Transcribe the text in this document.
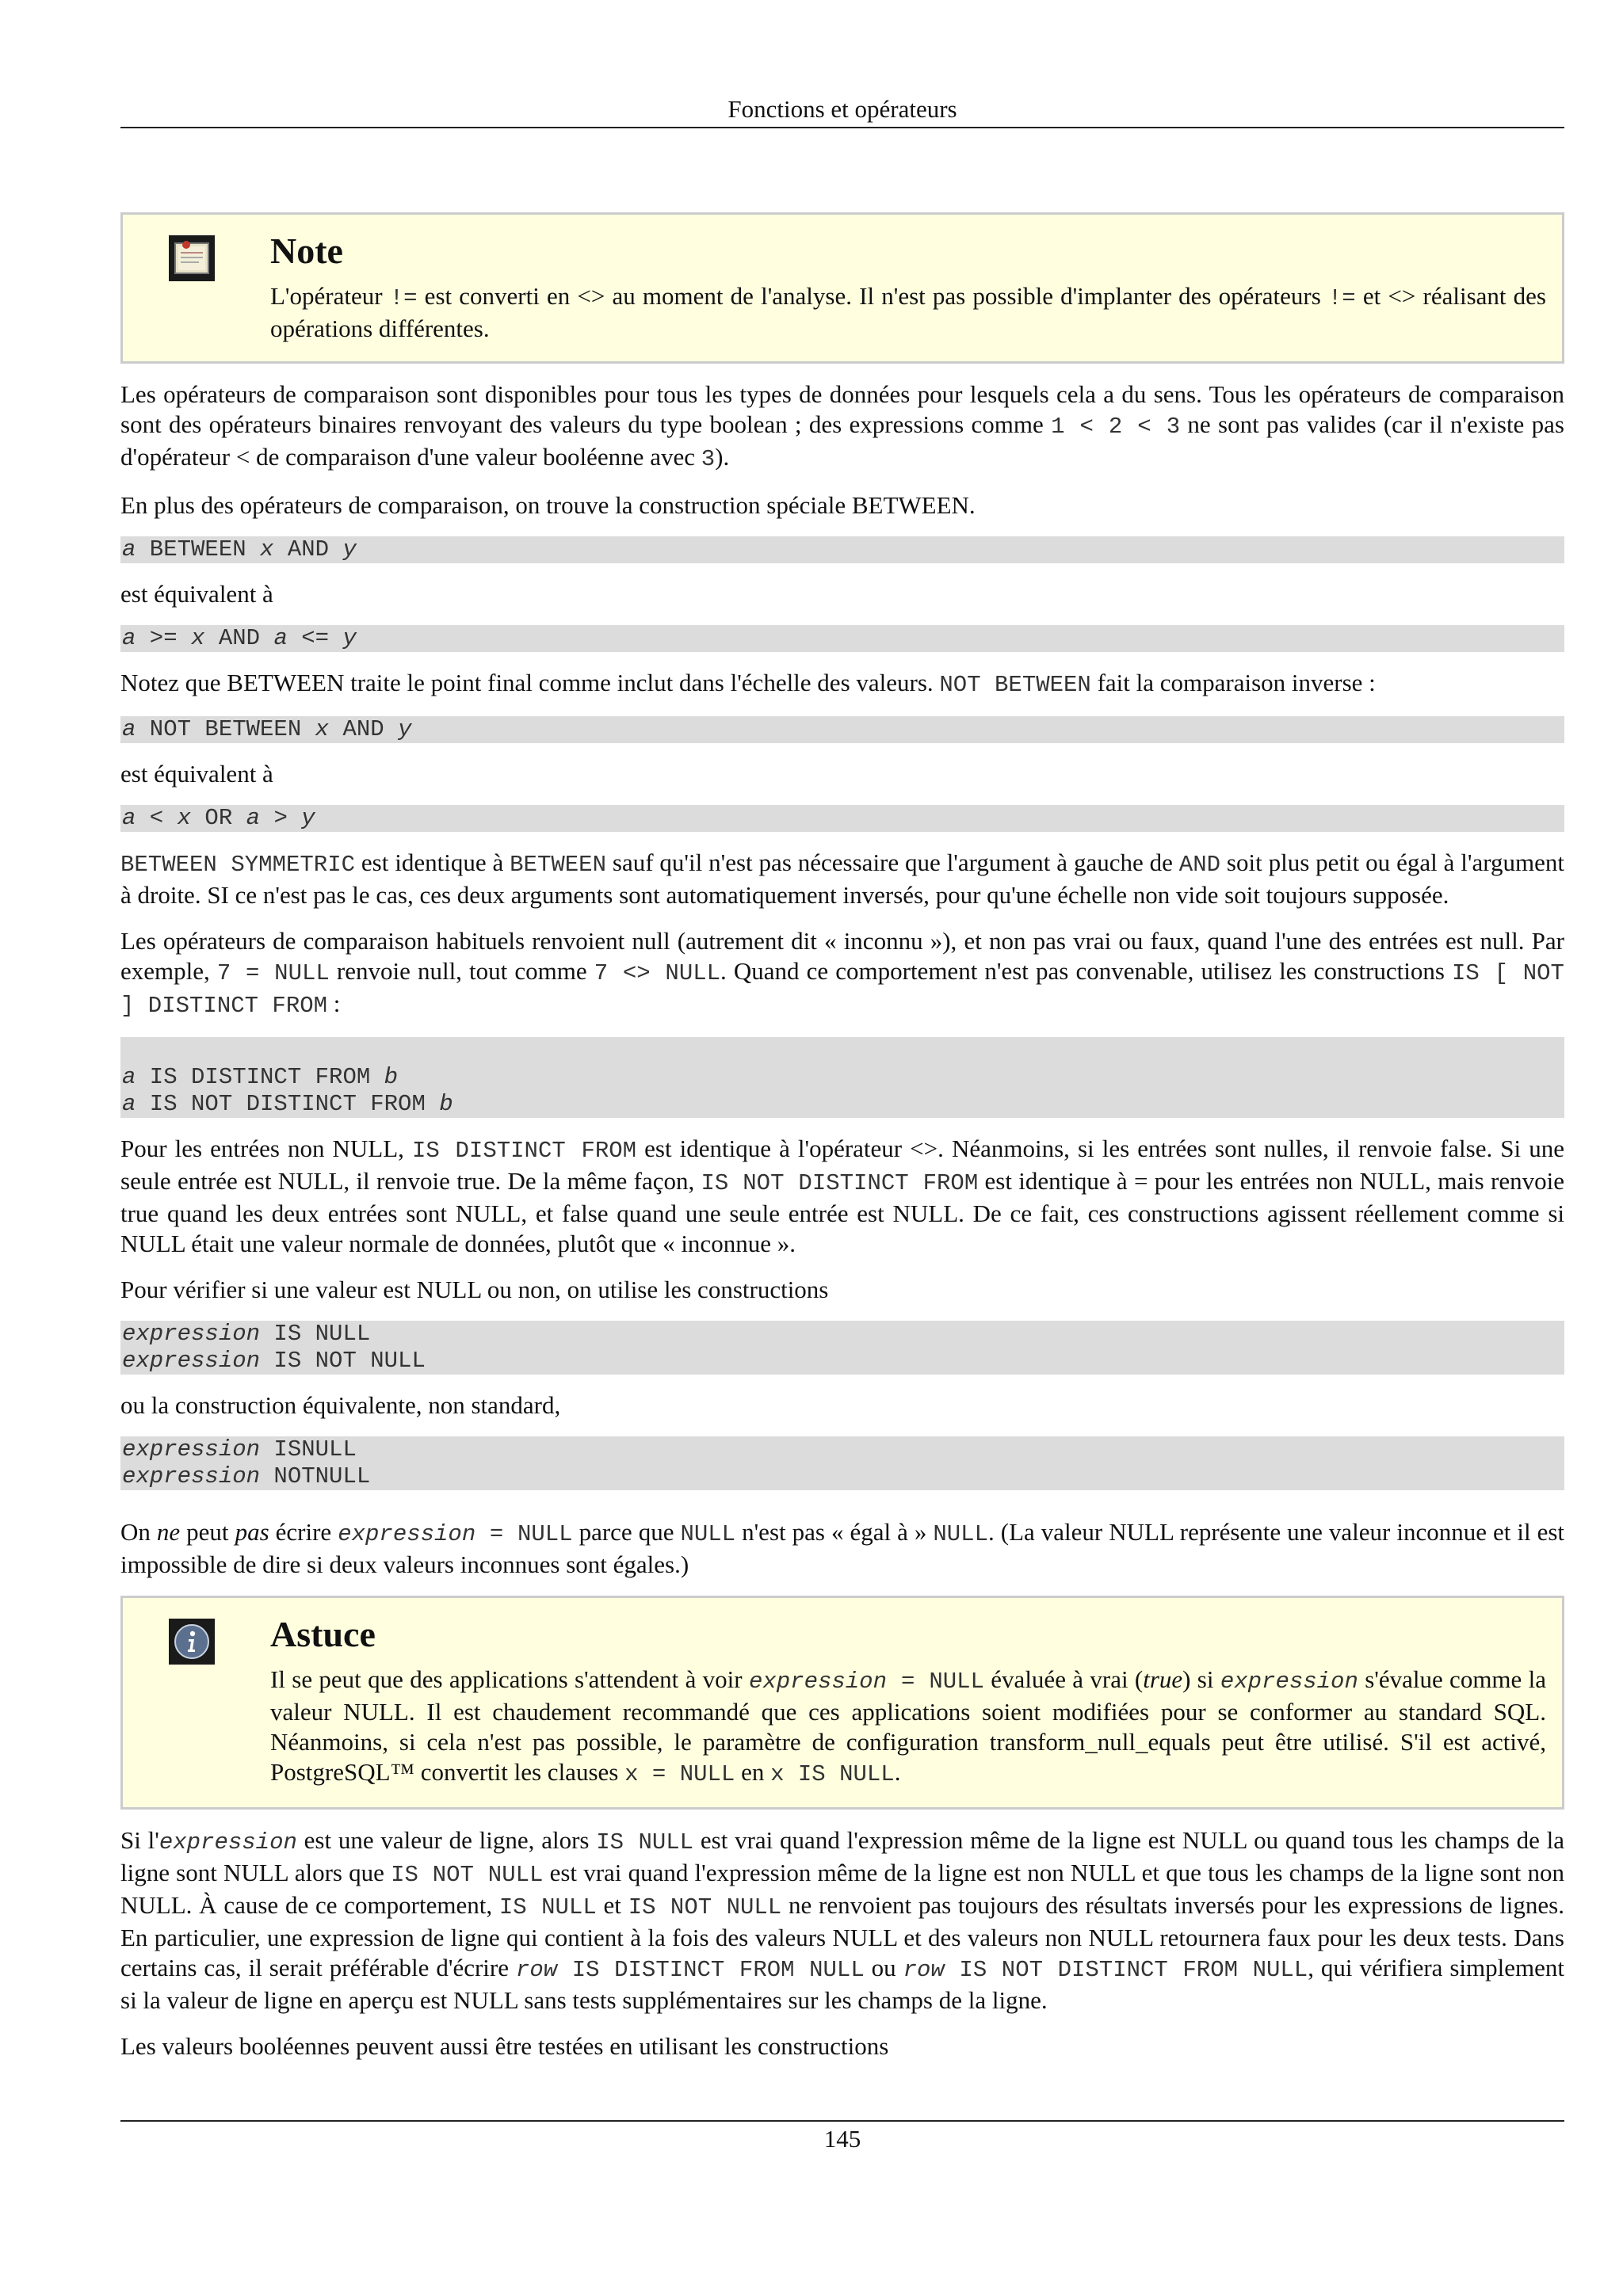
Fonctions et opérateurs
Note

L'opérateur != est converti en <> au moment de l'analyse. Il n'est pas possible d'implanter des opérateurs != et <> réalisant des opérations différentes.

Les opérateurs de comparaison sont disponibles pour tous les types de données pour lesquels cela a du sens. Tous les opérateurs de comparaison sont des opérateurs binaires renvoyant des valeurs du type boolean ; des expressions comme 1 < 2 < 3 ne sont pas valides (car il n'existe pas d'opérateur < de comparaison d'une valeur booléenne avec 3).

En plus des opérateurs de comparaison, on trouve la construction spéciale BETWEEN.

a BETWEEN x AND y

est équivalent à

a >= x AND a <= y

Notez que BETWEEN traite le point final comme inclut dans l'échelle des valeurs. NOT BETWEEN fait la comparaison inverse :

a NOT BETWEEN x AND y

est équivalent à

a < x OR a > y

BETWEEN SYMMETRIC est identique à BETWEEN sauf qu'il n'est pas nécessaire que l'argument à gauche de AND soit plus petit ou égal à l'argument à droite. SI ce n'est pas le cas, ces deux arguments sont automatiquement inversés, pour qu'une échelle non vide soit toujours supposée.

Les opérateurs de comparaison habituels renvoient null (autrement dit « inconnu »), et non pas vrai ou faux, quand l'une des entrées est null. Par exemple, 7 = NULL renvoie null, tout comme 7 <> NULL. Quand ce comportement n'est pas convenable, utilisez les constructions IS [ NOT ] DISTINCT FROM :

a IS DISTINCT FROM b
a IS NOT DISTINCT FROM b

Pour les entrées non NULL, IS DISTINCT FROM est identique à l'opérateur <>. Néanmoins, si les entrées sont nulles, il renvoie false. Si une seule entrée est NULL, il renvoie true. De la même façon, IS NOT DISTINCT FROM est identique à = pour les entrées non NULL, mais renvoie true quand les deux entrées sont NULL, et false quand une seule entrée est NULL. De ce fait, ces constructions agissent réellement comme si NULL était une valeur normale de données, plutôt que « inconnue ».

Pour vérifier si une valeur est NULL ou non, on utilise les constructions

expression IS NULL
expression IS NOT NULL

ou la construction équivalente, non standard,

expression ISNULL
expression NOTNULL

On ne peut pas écrire expression = NULL parce que NULL n'est pas « égal à » NULL. (La valeur NULL représente une valeur inconnue et il est impossible de dire si deux valeurs inconnues sont égales.)

Astuce

Il se peut que des applications s'attendent à voir expression = NULL évaluée à vrai (true) si expression s'évalue comme la valeur NULL. Il est chaudement recommandé que ces applications soient modifiées pour se conformer au standard SQL. Néanmoins, si cela n'est pas possible, le paramètre de configuration transform_null_equals peut être utilisé. S'il est activé, PostgreSQL™ convertit les clauses x = NULL en x IS NULL.

Si l'expression est une valeur de ligne, alors IS NULL est vrai quand l'expression même de la ligne est NULL ou quand tous les champs de la ligne sont NULL alors que IS NOT NULL est vrai quand l'expression même de la ligne est non NULL et que tous les champs de la ligne sont non NULL. À cause de ce comportement, IS NULL et IS NOT NULL ne renvoient pas toujours des résultats inversés pour les expressions de lignes. En particulier, une expression de ligne qui contient à la fois des valeurs NULL et des valeurs non NULL retournera faux pour les deux tests. Dans certains cas, il serait préférable d'écrire row IS DISTINCT FROM NULL ou row IS NOT DISTINCT FROM NULL, qui vérifiera simplement si la valeur de ligne en aperçu est NULL sans tests supplémentaires sur les champs de la ligne.

Les valeurs booléennes peuvent aussi être testées en utilisant les constructions

145
